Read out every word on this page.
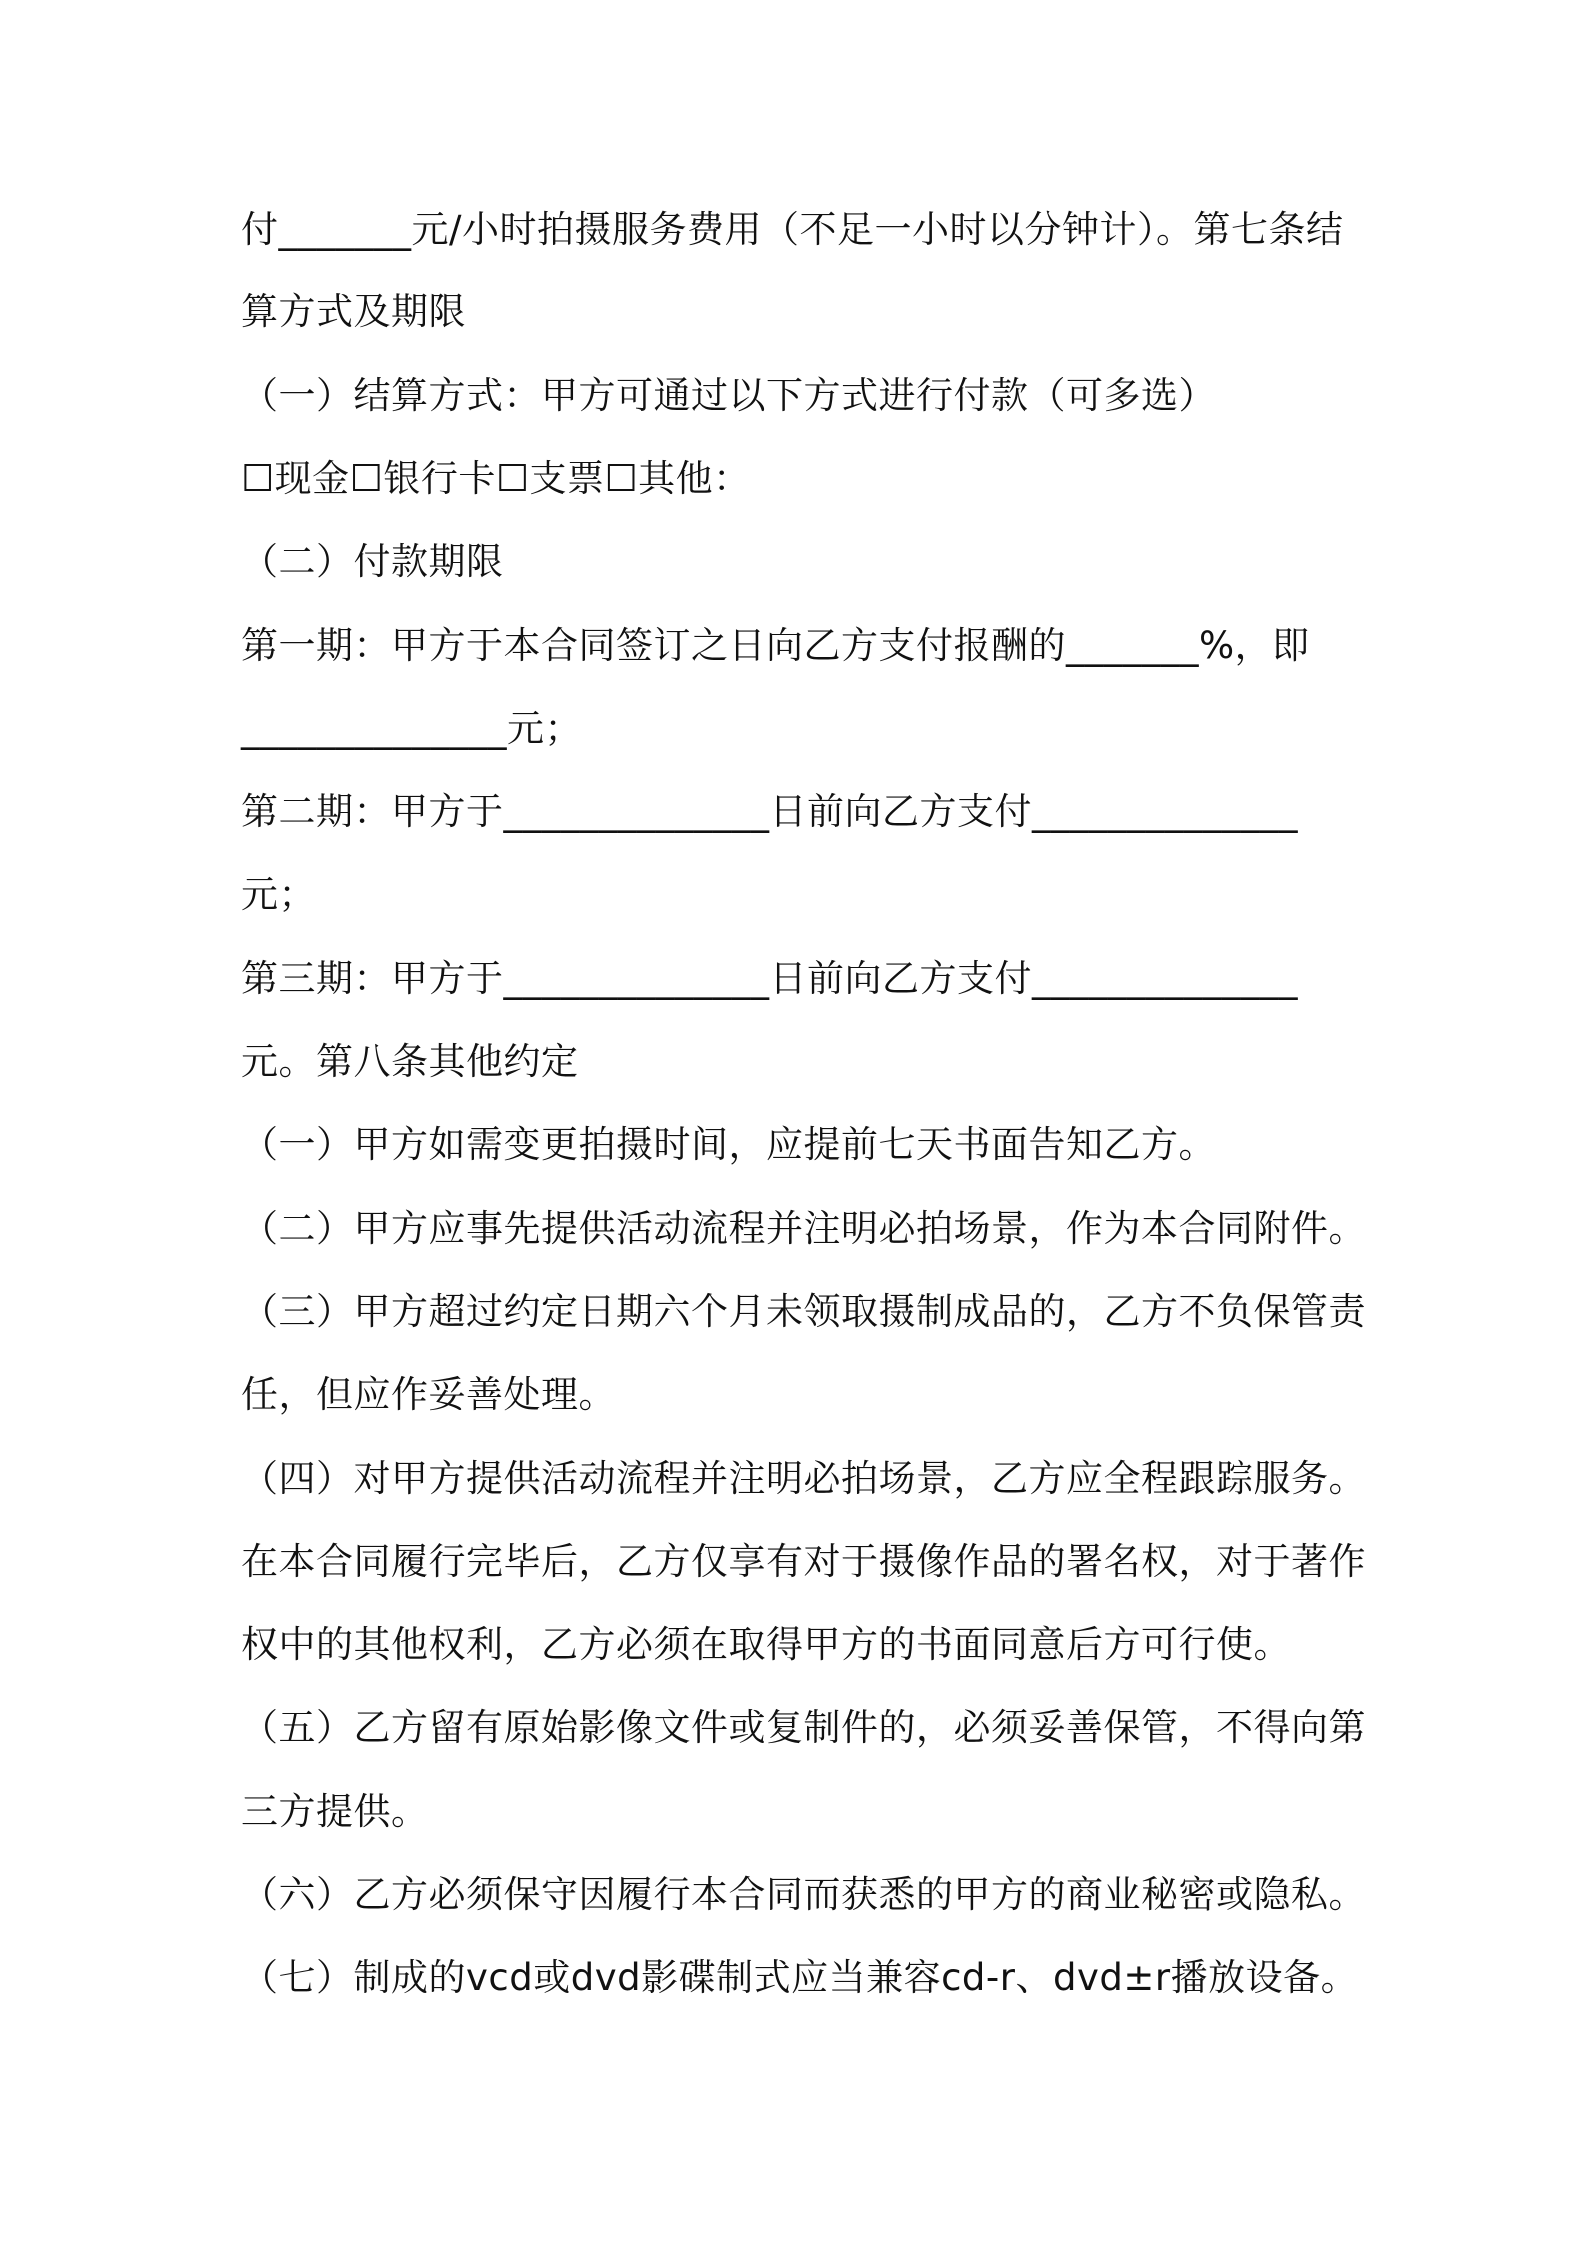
付_______元/小时拍摄服务费用（不足一小时以分钟计）。第七条结
算方式及期限
（一）结算方式：甲方可通过以下方式进行付款（可多选）
☐现金☐银行卡☐支票☐其他：
（二）付款期限
第一期：甲方于本合同签订之日向乙方支付报酬的_______%，即
______________元；
第二期：甲方于______________日前向乙方支付______________
元；
第三期：甲方于______________日前向乙方支付______________
元。第八条其他约定
（一）甲方如需变更拍摄时间，应提前七天书面告知乙方。
（二）甲方应事先提供活动流程并注明必拍场景，作为本合同附件。
（三）甲方超过约定日期六个月未领取摄制成品的，乙方不负保管责
任，但应作妥善处理。
（四）对甲方提供活动流程并注明必拍场景，乙方应全程跟踪服务。
在本合同履行完毕后，乙方仅享有对于摄像作品的署名权，对于著作
权中的其他权利，乙方必须在取得甲方的书面同意后方可行使。
（五）乙方留有原始影像文件或复制件的，必须妥善保管，不得向第
三方提供。
（六）乙方必须保守因履行本合同而获悉的甲方的商业秘密或隐私。
（七）制成的vcd或dvd影碟制式应当兼容cd-r、dvd±r播放设备。
